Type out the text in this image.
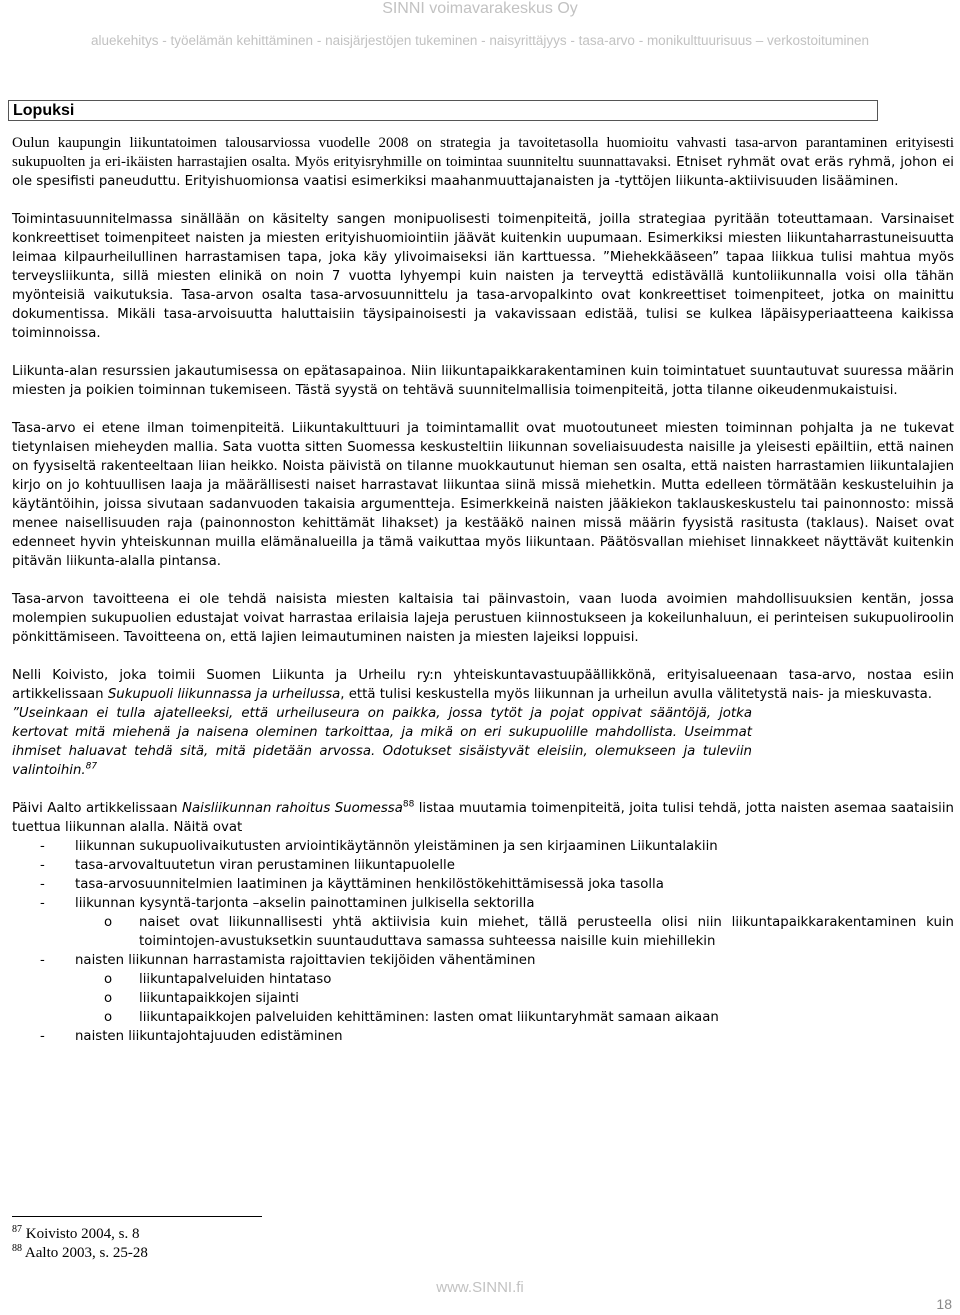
SINNI voimavarakeskus Oy
aluekehitys - työelämän kehittäminen - naisjärjestöjen tukeminen - naisyrittäjyys - tasa-arvo - monikulttuurisuus – verkostoituminen
Lopuksi

Oulun kaupungin liikuntatoimen talousarviossa vuodelle 2008 on strategia ja tavoitetasolla huomioitu vahvasti tasa-arvon parantaminen erityisesti sukupuolten ja eri-ikäisten harrastajien osalta. Myös erityisryhmille on toimintaa suunniteltu suunnattavaksi. Etniset ryhmät ovat eräs ryhmä, johon ei ole spesifisti paneuduttu. Erityishuomionsa vaatisi esimerkiksi maahanmuuttajanaisten ja -tyttöjen liikunta-aktiivisuuden lisääminen.

Toimintasuunnitelmassa sinällään on käsitelty sangen monipuolisesti toimenpiteitä, joilla strategiaa pyritään toteuttamaan. Varsinaiset konkreettiset toimenpiteet naisten ja miesten erityishuomiointiin jäävät kuitenkin uupumaan. Esimerkiksi miesten liikuntaharrastuneisuutta leimaa kilpaurheilullinen harrastamisen tapa, joka käy ylivoimaiseksi iän karttuessa. ”Miehekkääseen” tapaa liikkua tulisi mahtua myös terveysliikunta, sillä miesten elinikä on noin 7 vuotta lyhyempi kuin naisten ja terveyttä edistävällä kuntoliikunnalla voisi olla tähän myönteisiä vaikutuksia. Tasa-arvon osalta tasa-arvosuunnittelu ja tasa-arvopalkinto ovat konkreettiset toimenpiteet, jotka on mainittu dokumentissa. Mikäli tasa-arvoisuutta haluttaisiin täysipainoisesti ja vakavissaan edistää, tulisi se kulkea läpäisyperiaatteena kaikissa toiminnoissa.

Liikunta-alan resurssien jakautumisessa on epätasapainoa. Niin liikuntapaikkarakentaminen kuin toimintatuet suuntautuvat suuressa määrin miesten ja poikien toiminnan tukemiseen. Tästä syystä on tehtävä suunnitelmallisia toimenpiteitä, jotta tilanne oikeudenmukaistuisi.

Tasa-arvo ei etene ilman toimenpiteitä. Liikuntakulttuuri ja toimintamallit ovat muotoutuneet miesten toiminnan pohjalta ja ne tukevat tietynlaisen mieheyden mallia. Sata vuotta sitten Suomessa keskusteltiin liikunnan soveliaisuudesta naisille ja yleisesti epäiltiin, että nainen on fyysiseltä rakenteeltaan liian heikko. Noista päivistä on tilanne muokkautunut hieman sen osalta, että naisten harrastamien liikuntalajien kirjo on jo kohtuullisen laaja ja määrällisesti naiset harrastavat liikuntaa siinä missä miehetkin. Mutta edelleen törmätään keskusteluihin ja käytäntöihin, joissa sivutaan sadanvuoden takaisia argumentteja. Esimerkkeinä naisten jääkiekon taklauskeskustelu tai painonnosto: missä menee naisellisuuden raja (painonnoston kehittämät lihakset) ja kestääkö nainen missä määrin fyysistä rasitusta (taklaus). Naiset ovat edenneet hyvin yhteiskunnan muilla elämänalueilla ja tämä vaikuttaa myös liikuntaan. Päätösvallan miehiset linnakkeet näyttävät kuitenkin pitävän liikunta-alalla pintansa.

Tasa-arvon tavoitteena ei ole tehdä naisista miesten kaltaisia tai päinvastoin, vaan luoda avoimien mahdollisuuksien kentän, jossa molempien sukupuolien edustajat voivat harrastaa erilaisia lajeja perustuen kiinnostukseen ja kokeilunhaluun, ei perinteisen sukupuoliroolin pönkittämiseen. Tavoitteena on, että lajien leimautuminen naisten ja miesten lajeiksi loppuisi.

Nelli Koivisto, joka toimii Suomen Liikunta ja Urheilu ry:n yhteiskuntavastuupäällikkönä, erityisalueenaan tasa-arvo, nostaa esiin artikkelissaan Sukupuoli liikunnassa ja urheilussa, että tulisi keskustella myös liikunnan ja urheilun avulla välitetystä nais- ja mieskuvasta.

”Useinkaan ei tulla ajatelleeksi, että urheiluseura on paikka, jossa tytöt ja pojat oppivat sääntöjä, jotka kertovat mitä miehenä ja naisena oleminen tarkoittaa, ja mikä on eri sukupuolille mahdollista. Useimmat ihmiset haluavat tehdä sitä, mitä pidetään arvossa. Odotukset sisäistyvät eleisiin, olemukseen ja tuleviin valintoihin.$^{87}$

Päivi Aalto artikkelissaan Naisliikunnan rahoitus Suomessa$^{88}$ listaa muutamia toimenpiteitä, joita tulisi tehdä, jotta naisten asemaa saataisiin tuettua liikunnan alalla. Näitä ovat

- liikunnan sukupuolivaikutusten arviointikäytännön yleistäminen ja sen kirjaaminen Liikuntalakiin
- tasa-arvovaltuutetun viran perustaminen liikuntapuolelle
- tasa-arvosuunnitelmien laatiminen ja käyttäminen henkilöstökehittämisessä joka tasolla
- liikunnan kysyntä-tarjonta –akselin painottaminen julkisella sektorilla
o naiset ovat liikunnallisesti yhtä aktiivisia kuin miehet, tällä perusteella olisi niin liikuntapaikkarakentaminen kuin toimintojen-avustuksetkin suuntauduttava samassa suhteessa naisille kuin miehillekin
- naisten liikunnan harrastamista rajoittavien tekijöiden vähentäminen
o liikuntapalveluiden hintataso
o liikuntapaikkojen sijainti
o liikuntapaikkojen palveluiden kehittäminen: lasten omat liikuntaryhmät samaan aikaan
- naisten liikuntajohtajuuden edistäminen
$^{87}$ Koivisto 2004, s. 8
$^{88}$ Aalto 2003, s. 25-28
www.SINNI.fi
18
